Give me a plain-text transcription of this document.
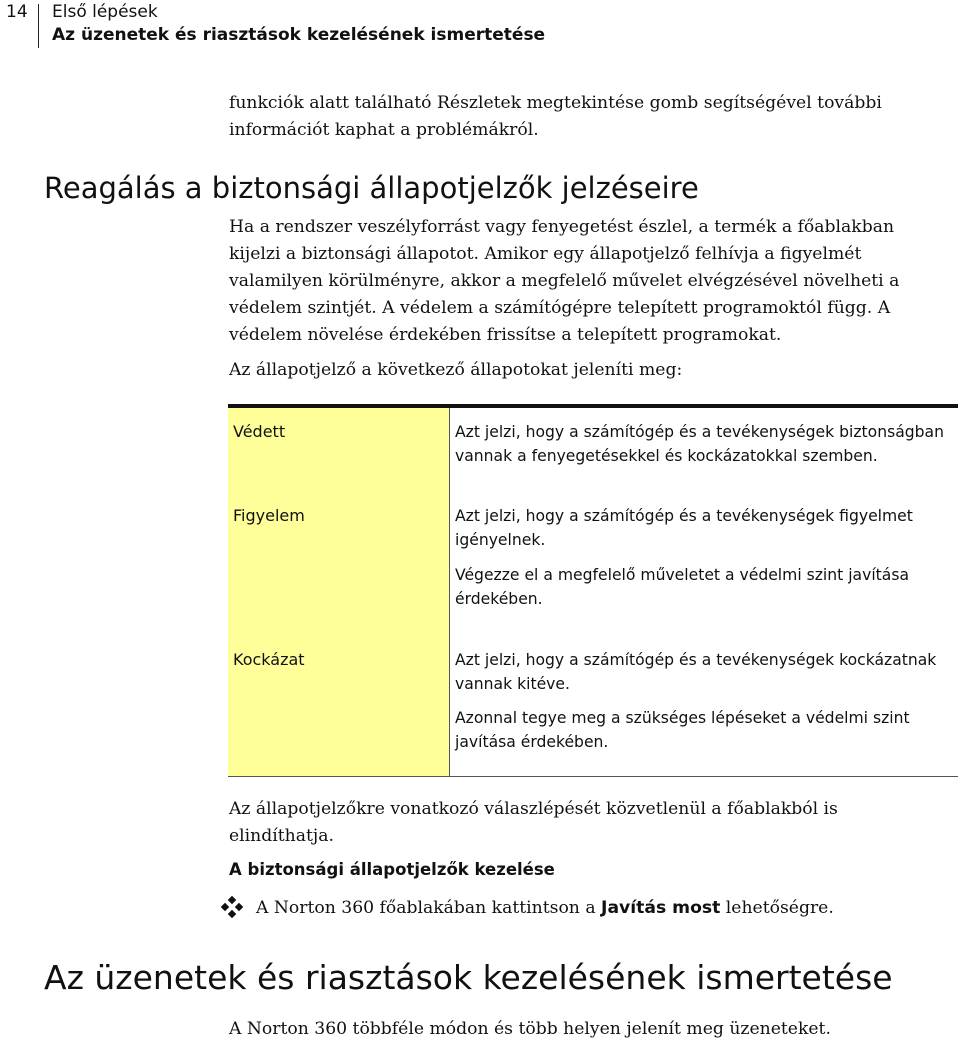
14 Első lépések
Az üzenetek és riasztások kezelésének ismertetése
funkciók alatt található Részletek megtekintése gomb segítségével további
információt kaphat a problémákról.
Reagálás a biztonsági állapotjelzők jelzéseire
Ha a rendszer veszélyforrást vagy fenyegetést észlel, a termék a főablakban
kijelzi a biztonsági állapotot. Amikor egy állapotjelző felhívja a figyelmét
valamilyen körülményre, akkor a megfelelő művelet elvégzésével növelheti a
védelem szintjét. A védelem a számítógépre telepített programoktól függ. A
védelem növelése érdekében frissítse a telepített programokat.
Az állapotjelző a következő állapotokat jeleníti meg:
Védett	Azt jelzi, hogy a számítógép és a tevékenységek biztonságban
vannak a fenyegetésekkel és kockázatokkal szemben.
Figyelem	Azt jelzi, hogy a számítógép és a tevékenységek figyelmet
igényelnek.
Végezze el a megfelelő műveletet a védelmi szint javítása
érdekében.
Kockázat	Azt jelzi, hogy a számítógép és a tevékenységek kockázatnak
vannak kitéve.
Azonnal tegye meg a szükséges lépéseket a védelmi szint
javítása érdekében.
Az állapotjelzőkre vonatkozó válaszlépését közvetlenül a főablakból is
elindíthatja.
A biztonsági állapotjelzők kezelése
A Norton 360 főablakában kattintson a Javítás most lehetőségre.
Az üzenetek és riasztások kezelésének ismertetése
A Norton 360 többféle módon és több helyen jelenít meg üzeneteket.
